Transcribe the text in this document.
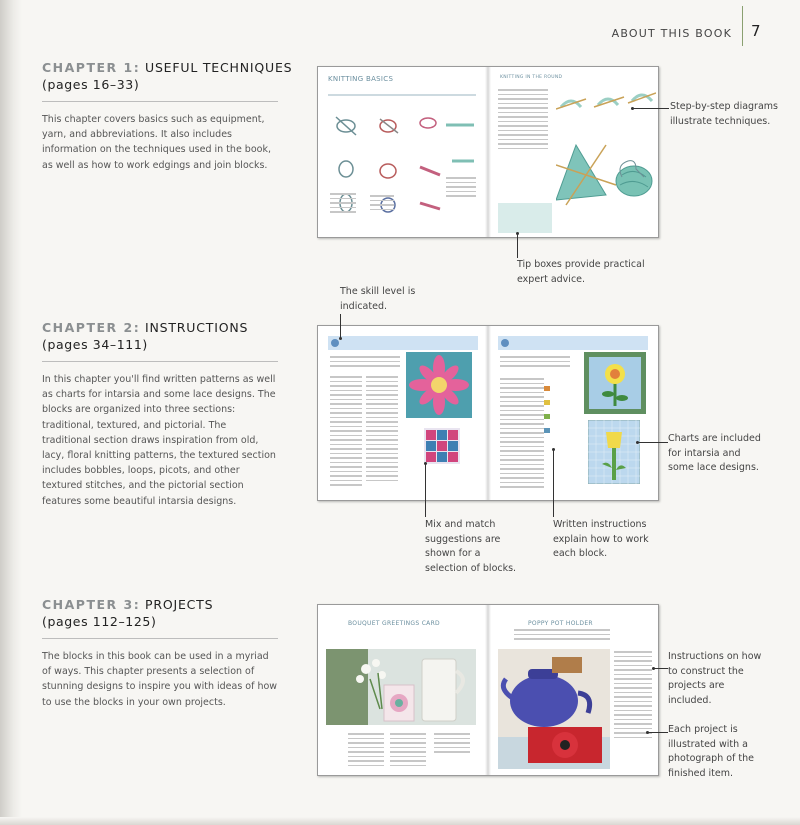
ABOUT THIS BOOK 7
CHAPTER 1: USEFUL TECHNIQUES
(pages 16–33)
This chapter covers basics such as equipment, yarn, and abbreviations. It also includes information on the techniques used in the book, as well as how to work edgings and join blocks.
CHAPTER 2: INSTRUCTIONS
(pages 34–111)
In this chapter you'll find written patterns as well as charts for intarsia and some lace designs. The blocks are organized into three sections: traditional, textured, and pictorial. The traditional section draws inspiration from old, lacy, floral knitting patterns, the textured section includes bobbles, loops, picots, and other textured stitches, and the pictorial section features some beautiful intarsia designs.
CHAPTER 3: PROJECTS
(pages 112–125)
The blocks in this book can be used in a myriad of ways. This chapter presents a selection of stunning designs to inspire you with ideas of how to use the blocks in your own projects.
KNITTING BASICS	KNITTING IN THE ROUND
BOUQUET GREETINGS CARD	POPPY POT HOLDER
Step-by-step diagrams illustrate techniques.
Tip boxes provide practical expert advice.
The skill level is indicated.
Charts are included for intarsia and some lace designs.
Mix and match suggestions are shown for a selection of blocks.
Written instructions explain how to work each block.
Instructions on how to construct the projects are included.
Each project is illustrated with a photograph of the finished item.
